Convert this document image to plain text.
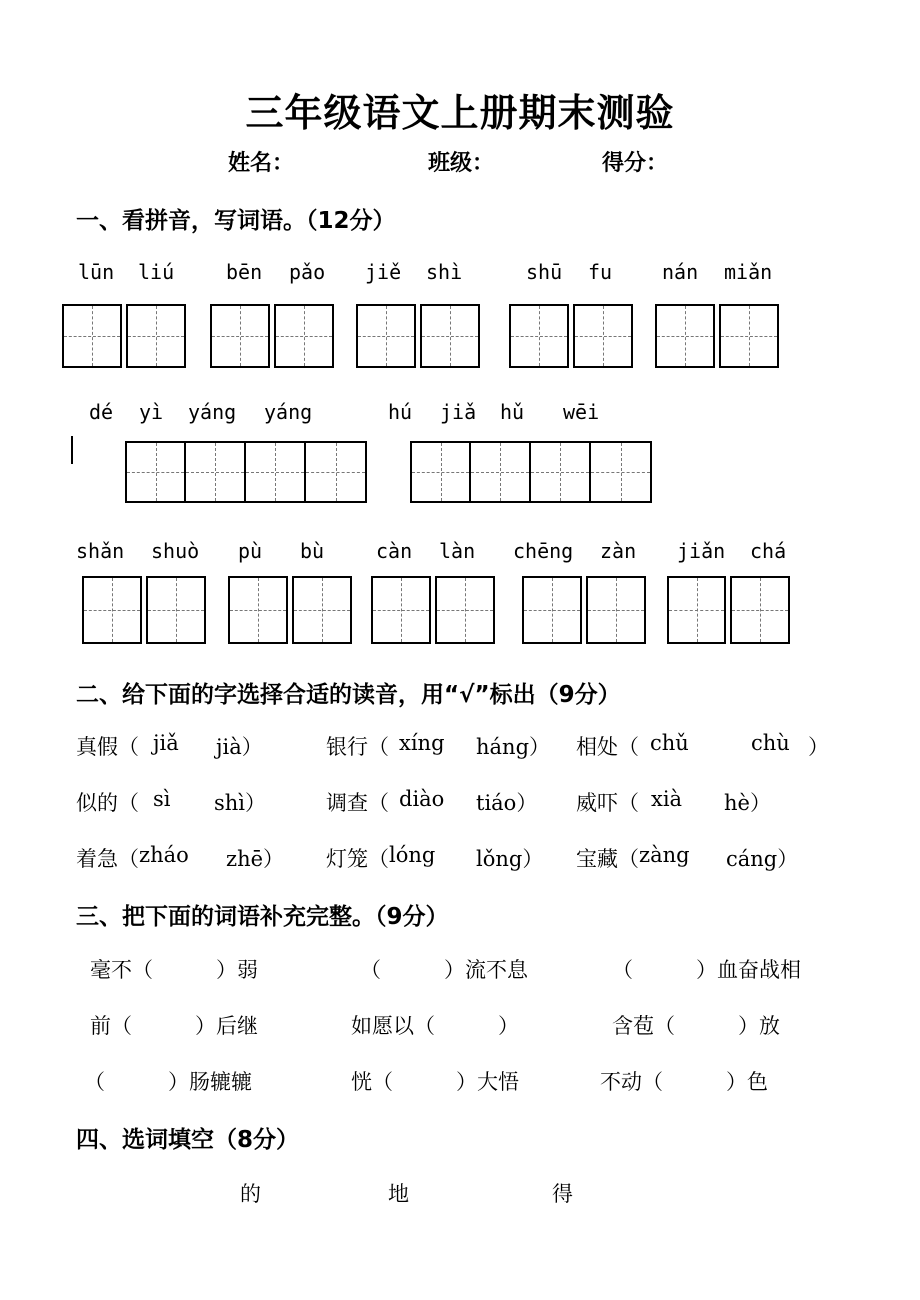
三年级语文上册期末测验
姓名：	班级：	得分：
一、看拼音，写词语。（12分）
lūn liú	bēn pǎo jiě shì	shū fu nán miǎn
dé yì yáng yáng	hú jiǎ hǔ wēi
shǎn shuò pù bù	càn làn chēng zàn jiǎn chá
二、给下面的字选择合适的读音，用“√”标出（9分）
真假（ jiǎ jià）	银行（ xíng háng） 相处（ chǔ	chù ）
似的（ sì shì）	调查（ diào tiáo） 威吓（ xià hè）
着急（ zháo zhē） 灯笼（ lóng lǒng） 宝藏（ zàng cáng）
三、把下面的词语补充完整。（9分）
毫不（　　　）弱	（　　　）流不息	（　　　）血奋战相
前（　　　）后继	如愿以（　　　）	含苞（　　　）放
（　　　）肠辘辘	恍（　　　）大悟	不动（　　　）色
四、选词填空（8分）
的	地	得
